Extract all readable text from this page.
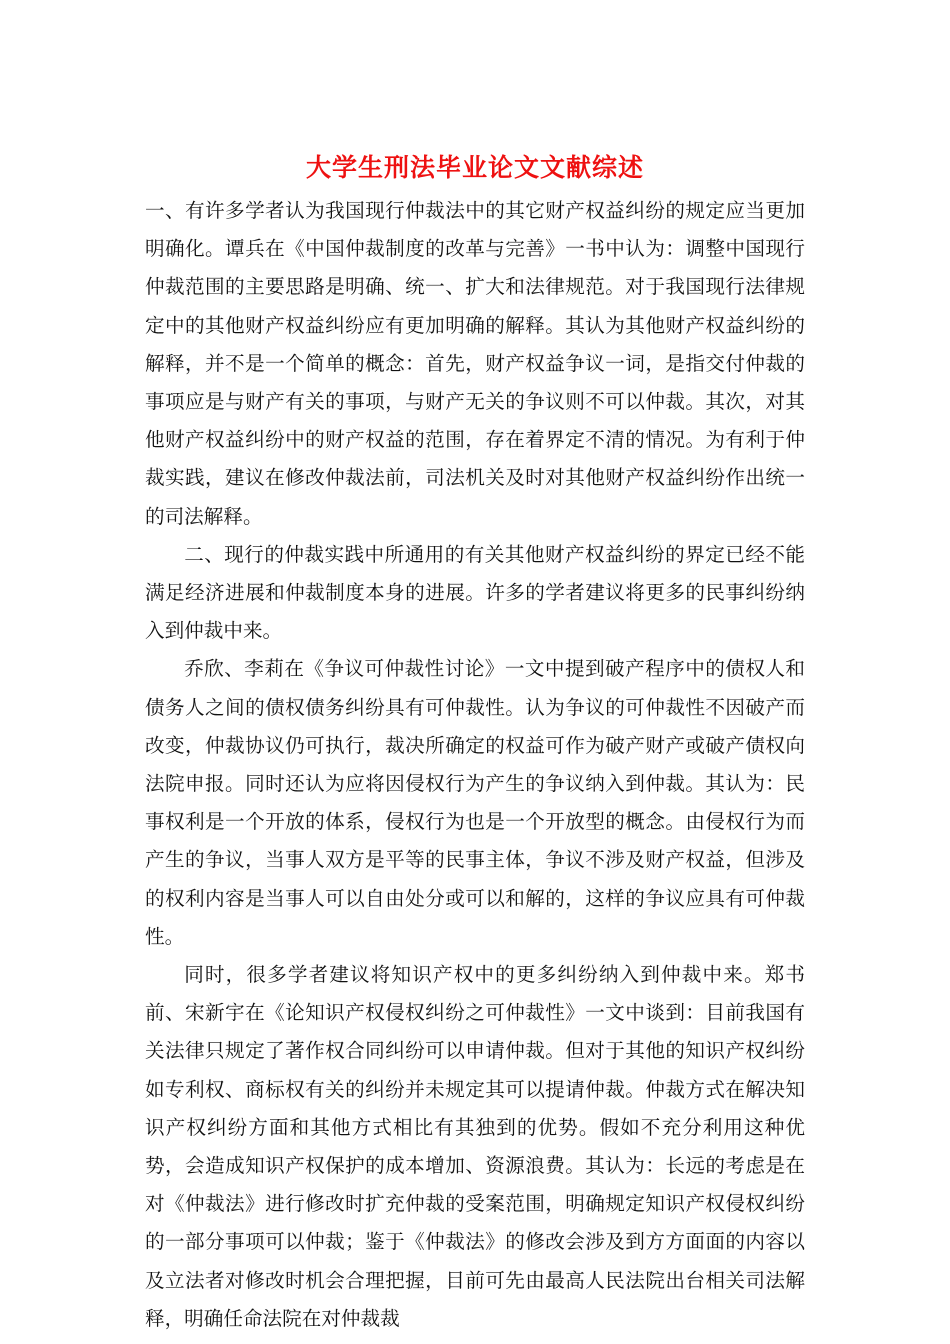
大学生刑法毕业论文文献综述

一、有许多学者认为我国现行仲裁法中的其它财产权益纠纷的规定应当更加明确化。谭兵在《中国仲裁制度的改革与完善》一书中认为：调整中国现行仲裁范围的主要思路是明确、统一、扩大和法律规范。对于我国现行法律规定中的其他财产权益纠纷应有更加明确的解释。其认为其他财产权益纠纷的解释，并不是一个简单的概念：首先，财产权益争议一词，是指交付仲裁的事项应是与财产有关的事项，与财产无关的争议则不可以仲裁。其次，对其他财产权益纠纷中的财产权益的范围，存在着界定不清的情况。为有利于仲裁实践，建议在修改仲裁法前，司法机关及时对其他财产权益纠纷作出统一的司法解释。

二、现行的仲裁实践中所通用的有关其他财产权益纠纷的界定已经不能满足经济进展和仲裁制度本身的进展。许多的学者建议将更多的民事纠纷纳入到仲裁中来。

乔欣、李莉在《争议可仲裁性讨论》一文中提到破产程序中的债权人和债务人之间的债权债务纠纷具有可仲裁性。认为争议的可仲裁性不因破产而改变，仲裁协议仍可执行，裁决所确定的权益可作为破产财产或破产债权向法院申报。同时还认为应将因侵权行为产生的争议纳入到仲裁。其认为：民事权利是一个开放的体系，侵权行为也是一个开放型的概念。由侵权行为而产生的争议，当事人双方是平等的民事主体，争议不涉及财产权益，但涉及的权利内容是当事人可以自由处分或可以和解的，这样的争议应具有可仲裁性。

同时，很多学者建议将知识产权中的更多纠纷纳入到仲裁中来。郑书前、宋新宇在《论知识产权侵权纠纷之可仲裁性》一文中谈到：目前我国有关法律只规定了著作权合同纠纷可以申请仲裁。但对于其他的知识产权纠纷如专利权、商标权有关的纠纷并未规定其可以提请仲裁。仲裁方式在解决知识产权纠纷方面和其他方式相比有其独到的优势。假如不充分利用这种优势，会造成知识产权保护的成本增加、资源浪费。其认为：长远的考虑是在对《仲裁法》进行修改时扩充仲裁的受案范围，明确规定知识产权侵权纠纷的一部分事项可以仲裁；鉴于《仲裁法》的修改会涉及到方方面面的内容以及立法者对修改时机会合理把握，目前可先由最高人民法院出台相关司法解释，明确任命法院在对仲裁裁
